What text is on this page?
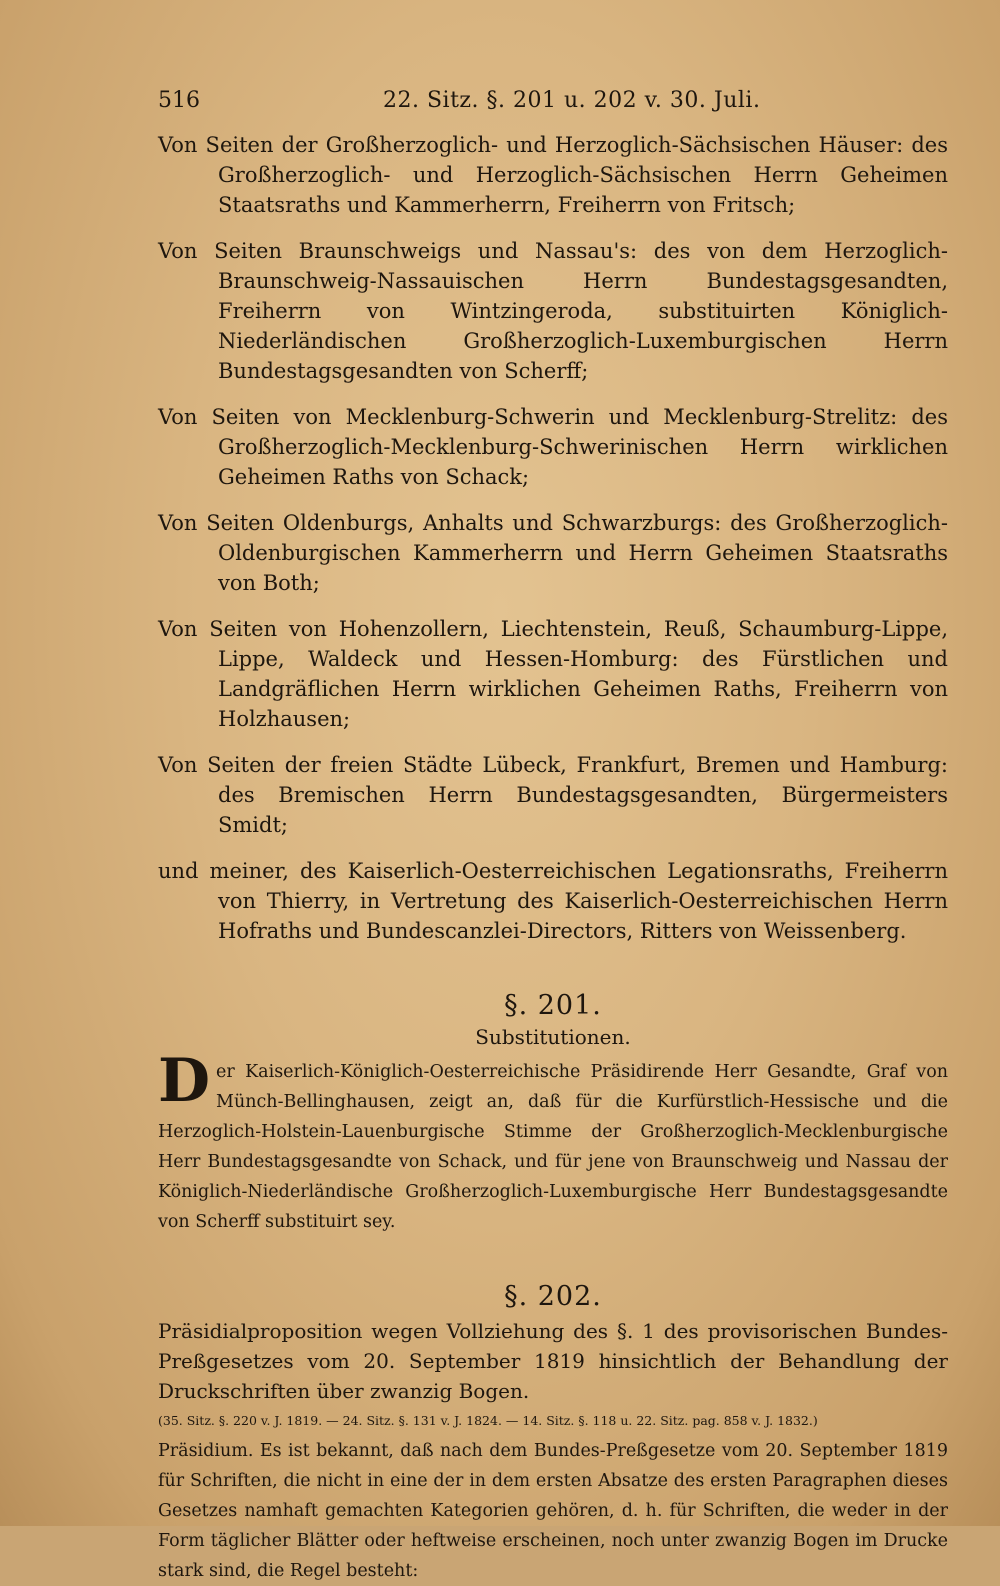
516	22. Sitz. §. 201 u. 202 v. 30. Juli.

Von Seiten der Großherzoglich- und Herzoglich-Sächsischen Häuser: des Großherzoglich- und Herzoglich-Sächsischen Herrn Geheimen Staatsraths und Kammerherrn, Freiherrn von Fritsch;

Von Seiten Braunschweigs und Nassau's: des von dem Herzoglich-Braunschweig-Nassauischen Herrn Bundestagsgesandten, Freiherrn von Wintzingeroda, substituirten Königlich-Niederländischen Großherzoglich-Luxemburgischen Herrn Bundestagsgesandten von Scherff;

Von Seiten von Mecklenburg-Schwerin und Mecklenburg-Strelitz: des Großherzoglich-Mecklenburg-Schwerinischen Herrn wirklichen Geheimen Raths von Schack;

Von Seiten Oldenburgs, Anhalts und Schwarzburgs: des Großherzoglich-Oldenburgischen Kammerherrn und Herrn Geheimen Staatsraths von Both;

Von Seiten von Hohenzollern, Liechtenstein, Reuß, Schaumburg-Lippe, Lippe, Waldeck und Hessen-Homburg: des Fürstlichen und Landgräflichen Herrn wirklichen Geheimen Raths, Freiherrn von Holzhausen;

Von Seiten der freien Städte Lübeck, Frankfurt, Bremen und Hamburg: des Bremischen Herrn Bundestagsgesandten, Bürgermeisters Smidt;

und meiner, des Kaiserlich-Oesterreichischen Legationsraths, Freiherrn von Thierry, in Vertretung des Kaiserlich-Oesterreichischen Herrn Hofraths und Bundescanzlei-Directors, Ritters von Weissenberg.

§. 201.
Substitutionen.

Der Kaiserlich-Königlich-Oesterreichische Präsidirende Herr Gesandte, Graf von Münch-Bellinghausen, zeigt an, daß für die Kurfürstlich-Hessische und die Herzoglich-Holstein-Lauenburgische Stimme der Großherzoglich-Mecklenburgische Herr Bundestagsgesandte von Schack, und für jene von Braunschweig und Nassau der Königlich-Niederländische Großherzoglich-Luxemburgische Herr Bundestagsgesandte von Scherff substituirt sey.

§. 202.

Präsidialproposition wegen Vollziehung des §. 1 des provisorischen Bundes-Preßgesetzes vom 20. September 1819 hinsichtlich der Behandlung der Druckschriften über zwanzig Bogen.

(35. Sitz. §. 220 v. J. 1819. — 24. Sitz. §. 131 v. J. 1824. — 14. Sitz. §. 118 u. 22. Sitz. pag. 858 v. J. 1832.)

Präsidium. Es ist bekannt, daß nach dem Bundes-Preßgesetze vom 20. September 1819 für Schriften, die nicht in eine der in dem ersten Absatze des ersten Paragraphen dieses Gesetzes namhaft gemachten Kategorien gehören, d. h. für Schriften, die weder in der Form täglicher Blätter oder heftweise erscheinen, noch unter zwanzig Bogen im Drucke stark sind, die Regel besteht:
